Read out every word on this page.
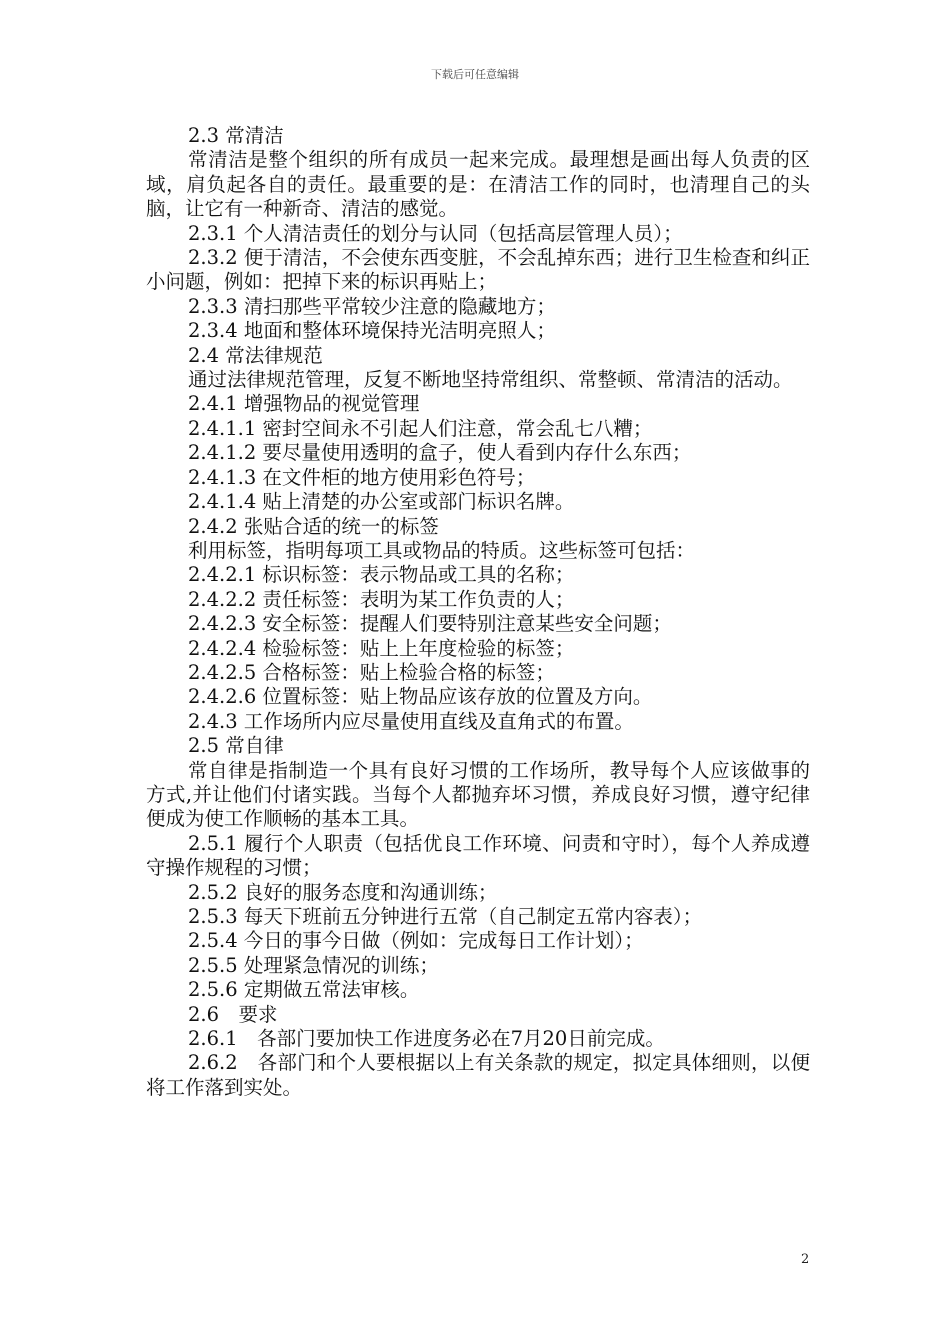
下载后可任意编辑

2.3 常清洁

常清洁是整个组织的所有成员一起来完成。最理想是画出每人负责的区域，肩负起各自的责任。最重要的是：在清洁工作的同时，也清理自己的头脑，让它有一种新奇、清洁的感觉。

2.3.1 个人清洁责任的划分与认同（包括高层管理人员）；

2.3.2 便于清洁，不会使东西变脏，不会乱掉东西；进行卫生检查和纠正小问题，例如：把掉下来的标识再贴上；

2.3.3 清扫那些平常较少注意的隐藏地方；

2.3.4 地面和整体环境保持光洁明亮照人；

2.4 常法律规范

通过法律规范管理，反复不断地坚持常组织、常整顿、常清洁的活动。

2.4.1 增强物品的视觉管理

2.4.1.1 密封空间永不引起人们注意，常会乱七八糟；

2.4.1.2 要尽量使用透明的盒子，使人看到内存什么东西；

2.4.1.3 在文件柜的地方使用彩色符号；

2.4.1.4 贴上清楚的办公室或部门标识名牌。

2.4.2 张贴合适的统一的标签

利用标签，指明每项工具或物品的特质。这些标签可包括：

2.4.2.1 标识标签：表示物品或工具的名称；

2.4.2.2 责任标签：表明为某工作负责的人；

2.4.2.3 安全标签：提醒人们要特别注意某些安全问题；

2.4.2.4 检验标签：贴上上年度检验的标签；

2.4.2.5 合格标签：贴上检验合格的标签；

2.4.2.6 位置标签：贴上物品应该存放的位置及方向。

2.4.3 工作场所内应尽量使用直线及直角式的布置。

2.5 常自律

常自律是指制造一个具有良好习惯的工作场所，教导每个人应该做事的方式,并让他们付诸实践。当每个人都抛弃坏习惯，养成良好习惯，遵守纪律便成为使工作顺畅的基本工具。

2.5.1 履行个人职责（包括优良工作环境、问责和守时），每个人养成遵守操作规程的习惯；

2.5.2 良好的服务态度和沟通训练；

2.5.3 每天下班前五分钟进行五常（自己制定五常内容表）；

2.5.4 今日的事今日做（例如：完成每日工作计划）；

2.5.5 处理紧急情况的训练；

2.5.6 定期做五常法审核。

2.6　要求

2.6.1　各部门要加快工作进度务必在7月20日前完成。

2.6.2　各部门和个人要根据以上有关条款的规定，拟定具体细则，以便将工作落到实处。

2
